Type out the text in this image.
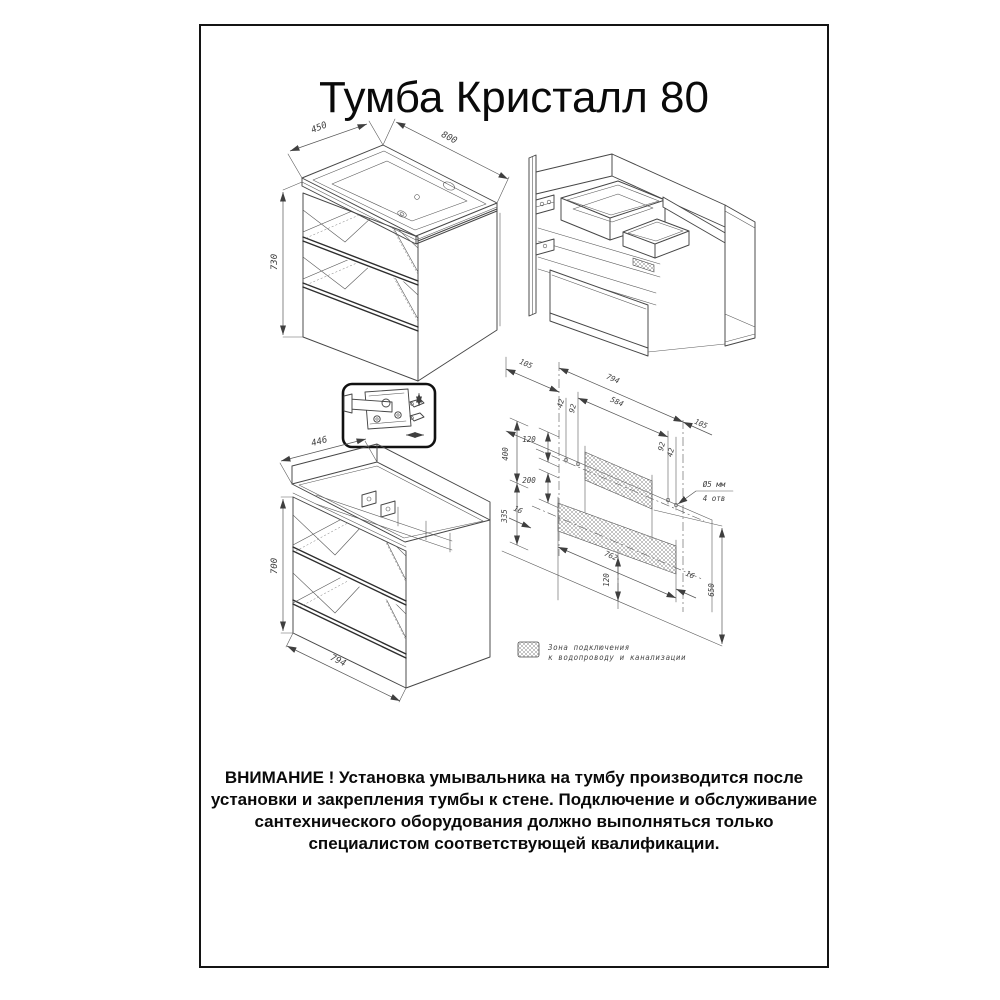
Тумба Кристалл 80
450
800
730
446
700
794
105
794
584
42 92
92
42
105
120
200
400
335
762
16
16
650
120
Ø5 мм
4 отв
Зона подключения
к водопроводу и канализации
ВНИМАНИЕ ! Установка умывальника на тумбу производится после
установки и закрепления тумбы к стене. Подключение и обслуживание
сантехнического оборудования должно выполняться только
специалистом соответствующей квалификации.
